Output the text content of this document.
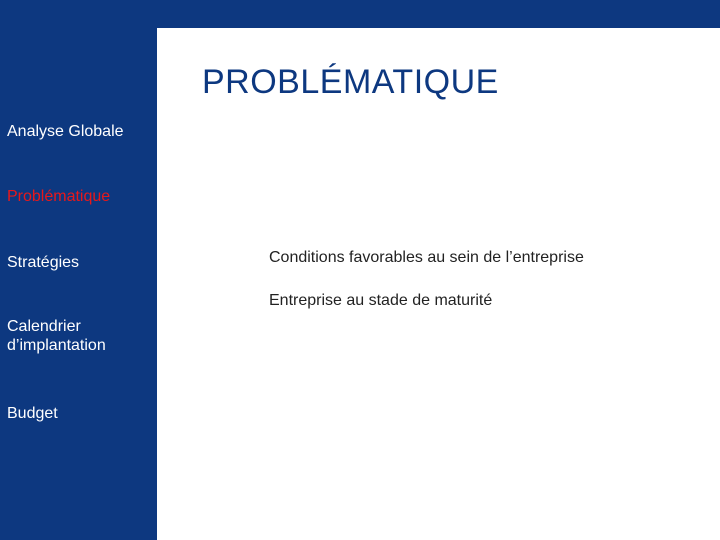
Analyse Globale
Problématique
Stratégies
Calendrier d’implantation
Budget
PROBLÉMATIQUE
Conditions favorables au sein de l’entreprise
Entreprise au stade de maturité
